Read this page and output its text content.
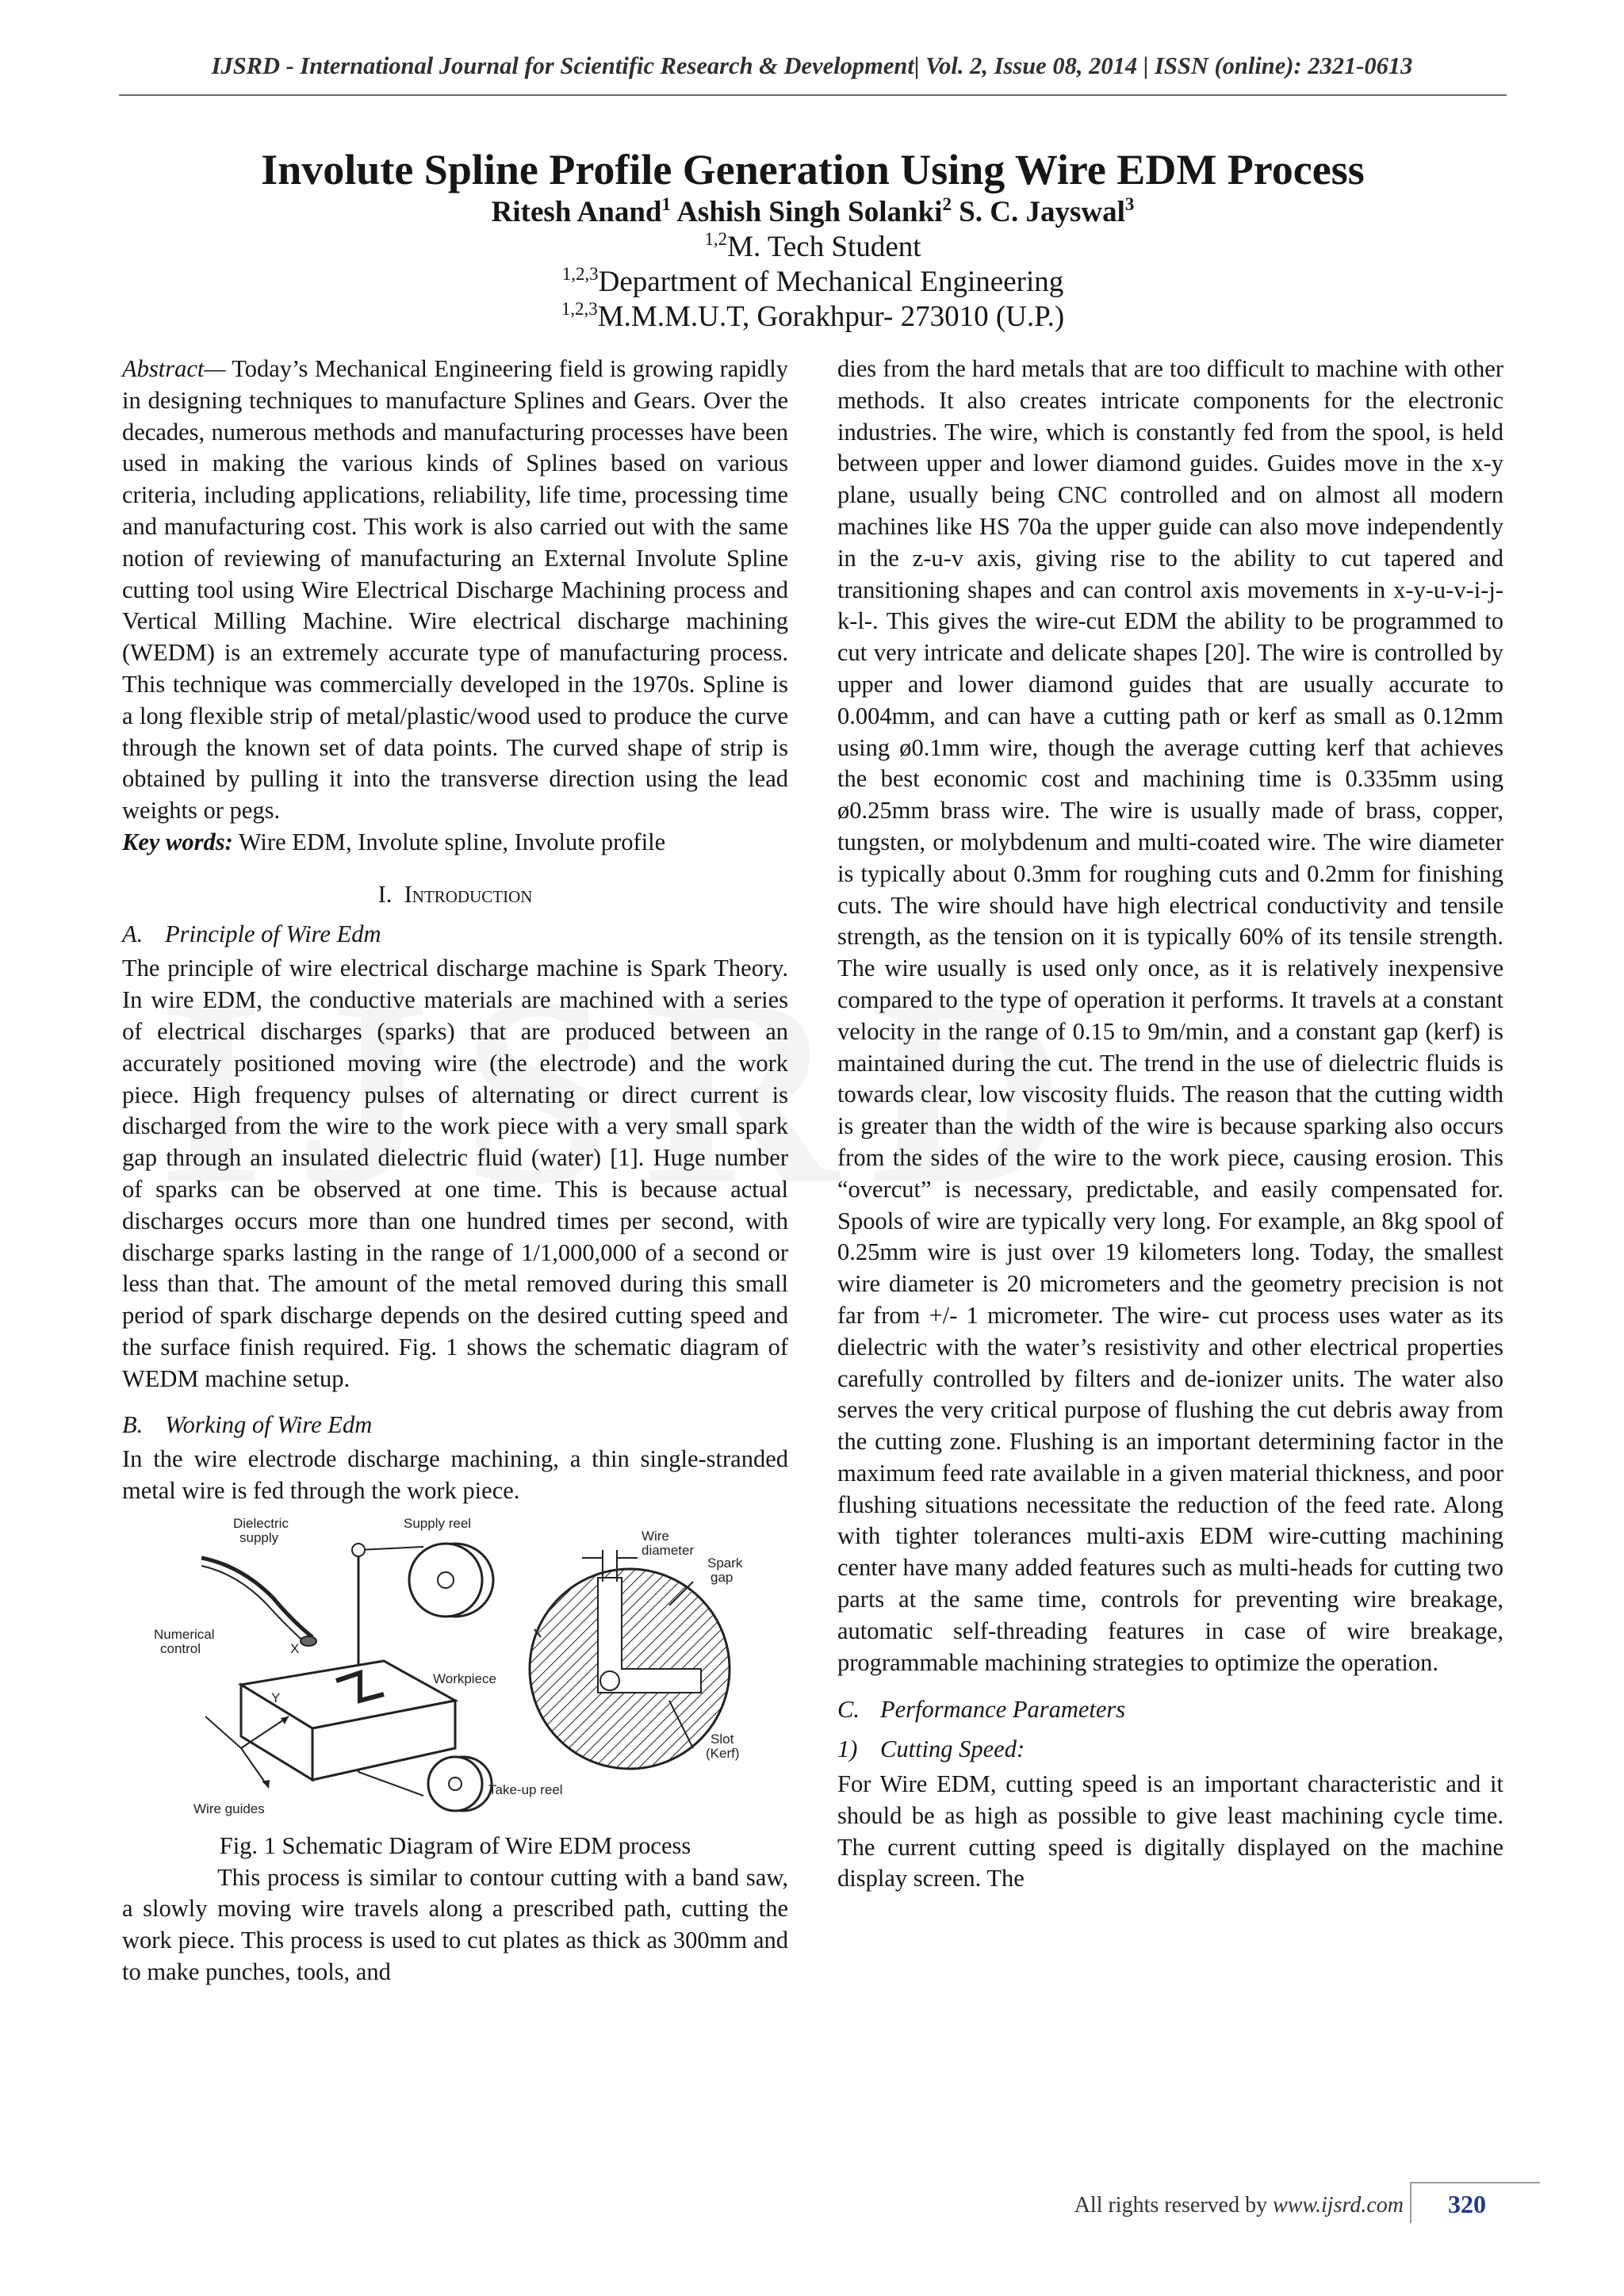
IJSRD - International Journal for Scientific Research & Development| Vol. 2, Issue 08, 2014 | ISSN (online): 2321-0613

Involute Spline Profile Generation Using Wire EDM Process

Ritesh Anand$^1$ Ashish Singh Solanki$^2$ S. C. Jayswal$^3$

$^{1,2}$M. Tech Student

$^{1,2,3}$Department of Mechanical Engineering

$^{1,2,3}$M.M.M.U.T, Gorakhpur- 273010 (U.P.)

Abstract— Today’s Mechanical Engineering field is growing rapidly in designing techniques to manufacture Splines and Gears. Over the decades, numerous methods and manufacturing processes have been used in making the various kinds of Splines based on various criteria, including applications, reliability, life time, processing time and manufacturing cost. This work is also carried out with the same notion of reviewing of manufacturing an External Involute Spline cutting tool using Wire Electrical Discharge Machining process and Vertical Milling Machine. Wire electrical discharge machining (WEDM) is an extremely accurate type of manufacturing process. This technique was commercially developed in the 1970s. Spline is a long flexible strip of metal/plastic/wood used to produce the curve through the known set of data points. The curved shape of strip is obtained by pulling it into the transverse direction using the lead weights or pegs.

Key words: Wire EDM, Involute spline, Involute profile

I. Introduction

A. Principle of Wire Edm

The principle of wire electrical discharge machine is Spark Theory. In wire EDM, the conductive materials are machined with a series of electrical discharges (sparks) that are produced between an accurately positioned moving wire (the electrode) and the work piece. High frequency pulses of alternating or direct current is discharged from the wire to the work piece with a very small spark gap through an insulated dielectric fluid (water) [1]. Huge number of sparks can be observed at one time. This is because actual discharges occurs more than one hundred times per second, with discharge sparks lasting in the range of 1/1,000,000 of a second or less than that. The amount of the metal removed during this small period of spark discharge depends on the desired cutting speed and the surface finish required. Fig. 1 shows the schematic diagram of WEDM machine setup.

B. Working of Wire Edm

In the wire electrode discharge machining, a thin single-stranded metal wire is fed through the work piece.

Dielectric
supply
Supply reel
Wire
diameter
Spark
gap
Numerical
control	X
Y
Workpiece
Slot
(Kerf)
Take-up reel
Wire guides

Fig. 1 Schematic Diagram of Wire EDM process

This process is similar to contour cutting with a band saw, a slowly moving wire travels along a prescribed path, cutting the work piece. This process is used to cut plates as thick as 300mm and to make punches, tools, and

dies from the hard metals that are too difficult to machine with other methods. It also creates intricate components for the electronic industries. The wire, which is constantly fed from the spool, is held between upper and lower diamond guides. Guides move in the x-y plane, usually being CNC controlled and on almost all modern machines like HS 70a the upper guide can also move independently in the z-u-v axis, giving rise to the ability to cut tapered and transitioning shapes and can control axis movements in x-y-u-v-i-j-k-l-. This gives the wire-cut EDM the ability to be programmed to cut very intricate and delicate shapes [20]. The wire is controlled by upper and lower diamond guides that are usually accurate to 0.004mm, and can have a cutting path or kerf as small as 0.12mm using ø0.1mm wire, though the average cutting kerf that achieves the best economic cost and machining time is 0.335mm using ø0.25mm brass wire. The wire is usually made of brass, copper, tungsten, or molybdenum and multi-coated wire. The wire diameter is typically about 0.3mm for roughing cuts and 0.2mm for finishing cuts. The wire should have high electrical conductivity and tensile strength, as the tension on it is typically 60% of its tensile strength. The wire usually is used only once, as it is relatively inexpensive compared to the type of operation it performs. It travels at a constant velocity in the range of 0.15 to 9m/min, and a constant gap (kerf) is maintained during the cut. The trend in the use of dielectric fluids is towards clear, low viscosity fluids. The reason that the cutting width is greater than the width of the wire is because sparking also occurs from the sides of the wire to the work piece, causing erosion. This “overcut” is necessary, predictable, and easily compensated for. Spools of wire are typically very long. For example, an 8kg spool of 0.25mm wire is just over 19 kilometers long. Today, the smallest wire diameter is 20 micrometers and the geometry precision is not far from +/- 1 micrometer. The wire- cut process uses water as its dielectric with the water’s resistivity and other electrical properties carefully controlled by filters and de-ionizer units. The water also serves the very critical purpose of flushing the cut debris away from the cutting zone. Flushing is an important determining factor in the maximum feed rate available in a given material thickness, and poor flushing situations necessitate the reduction of the feed rate. Along with tighter tolerances multi-axis EDM wire-cutting machining center have many added features such as multi-heads for cutting two parts at the same time, controls for preventing wire breakage, automatic self-threading features in case of wire breakage, programmable machining strategies to optimize the operation.

C. Performance Parameters

1) Cutting Speed:

For Wire EDM, cutting speed is an important characteristic and it should be as high as possible to give least machining cycle time. The current cutting speed is digitally displayed on the machine display screen. The

All rights reserved by www.ijsrd.com	320
